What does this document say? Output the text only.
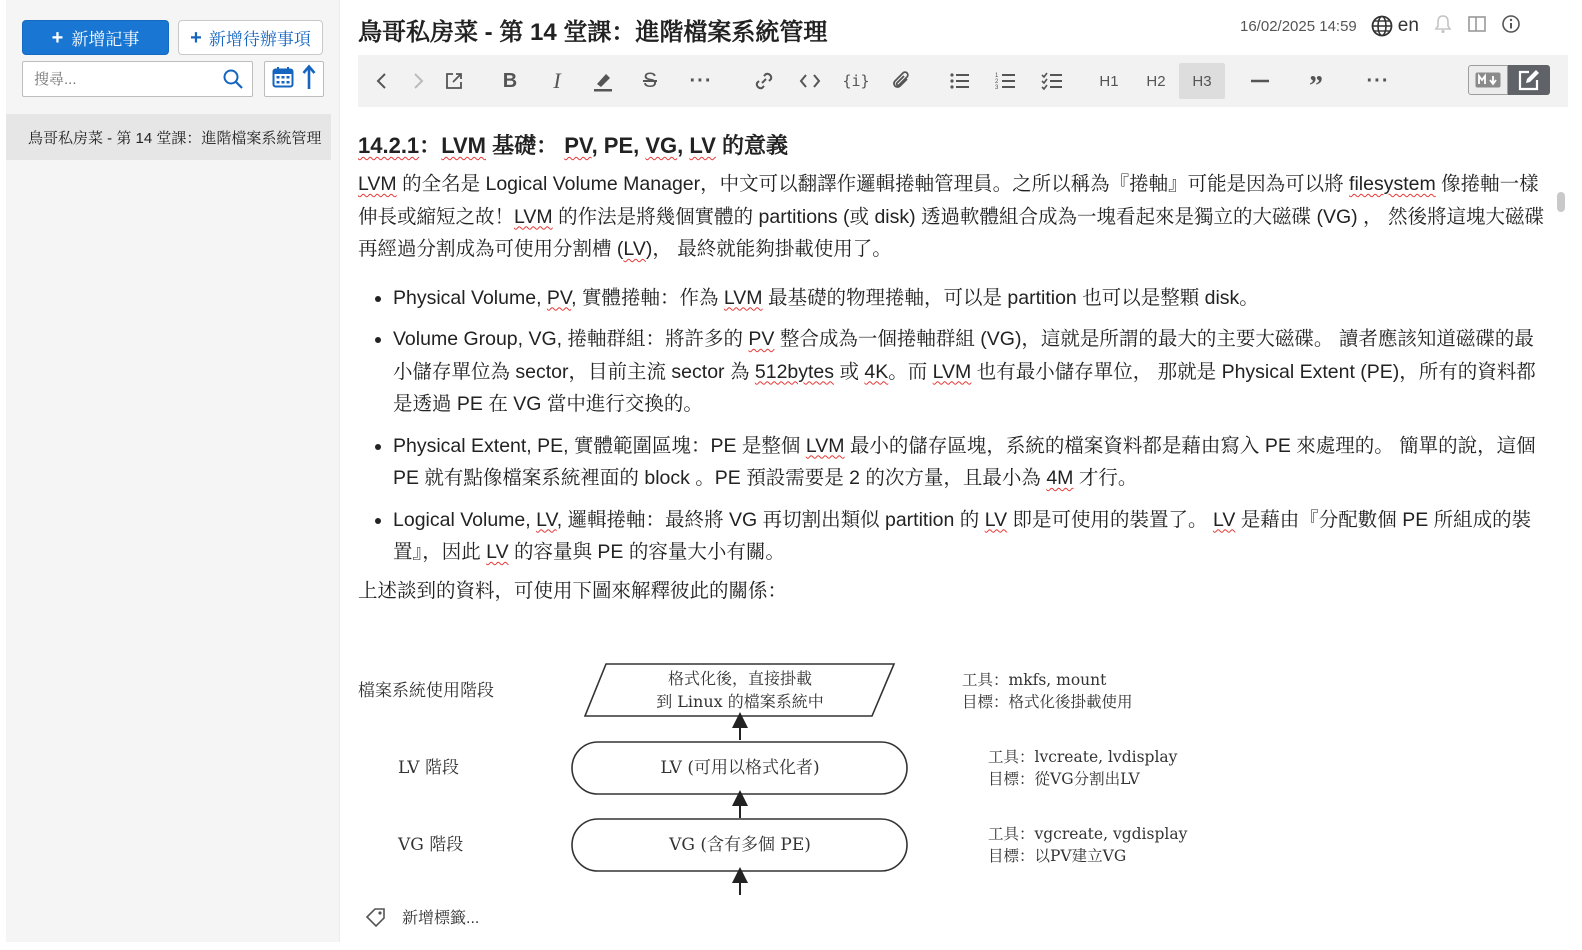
+ 新增記事	+ 新增待辦事項
搜尋...
鳥哥私房菜 - 第 14 堂課：進階檔案系統管理
鳥哥私房菜 - 第 14 堂課：進階檔案系統管理	16/02/2025 14:59 en
B	I	S ···	{i}	1
2
3	H1	H2	H3	”	···
14.2.1：LVM 基礎： PV, PE, VG, LV 的意義

LVM 的全名是 Logical Volume Manager，中文可以翻譯作邏輯捲軸管理員。之所以稱為『捲軸』可能是因為可以將 filesystem 像捲軸一樣伸長或縮短之故！LVM 的作法是將幾個實體的 partitions (或 disk) 透過軟體組合成為一塊看起來是獨立的大磁碟 (VG) ， 然後將這塊大磁碟再經過分割成為可使用分割槽 (LV)， 最終就能夠掛載使用了。

• Physical Volume, PV, 實體捲軸：作為 LVM 最基礎的物理捲軸，可以是 partition 也可以是整顆 disk。
• Volume Group, VG, 捲軸群組：將許多的 PV 整合成為一個捲軸群組 (VG)，這就是所謂的最大的主要大磁碟。 讀者應該知道磁碟的最小儲存單位為 sector，目前主流 sector 為 512bytes 或 4K。而 LVM 也有最小儲存單位， 那就是 Physical Extent (PE)，所有的資料都是透過 PE 在 VG 當中進行交換的。
• Physical Extent, PE, 實體範圍區塊：PE 是整個 LVM 最小的儲存區塊，系統的檔案資料都是藉由寫入 PE 來處理的。 簡單的說，這個 PE 就有點像檔案系統裡面的 block 。PE 預設需要是 2 的次方量，且最小為 4M 才行。
• Logical Volume, LV, 邏輯捲軸：最終將 VG 再切割出類似 partition 的 LV 即是可使用的裝置了。 LV 是藉由『分配數個 PE 所組成的裝置』，因此 LV 的容量與 PE 的容量大小有關。

上述談到的資料，可使用下圖來解釋彼此的關係：

檔案系統使用階段
格式化後，直接掛載
到 Linux 的檔案系統中
工具：mkfs, mount
目標：格式化後掛載使用
LV 階段	LV (可用以格式化者)
工具：lvcreate, lvdisplay
目標：從VG分割出LV
VG 階段	VG (含有多個 PE)
工具：vgcreate, vgdisplay
目標：以PV建立VG
新增標籤...
